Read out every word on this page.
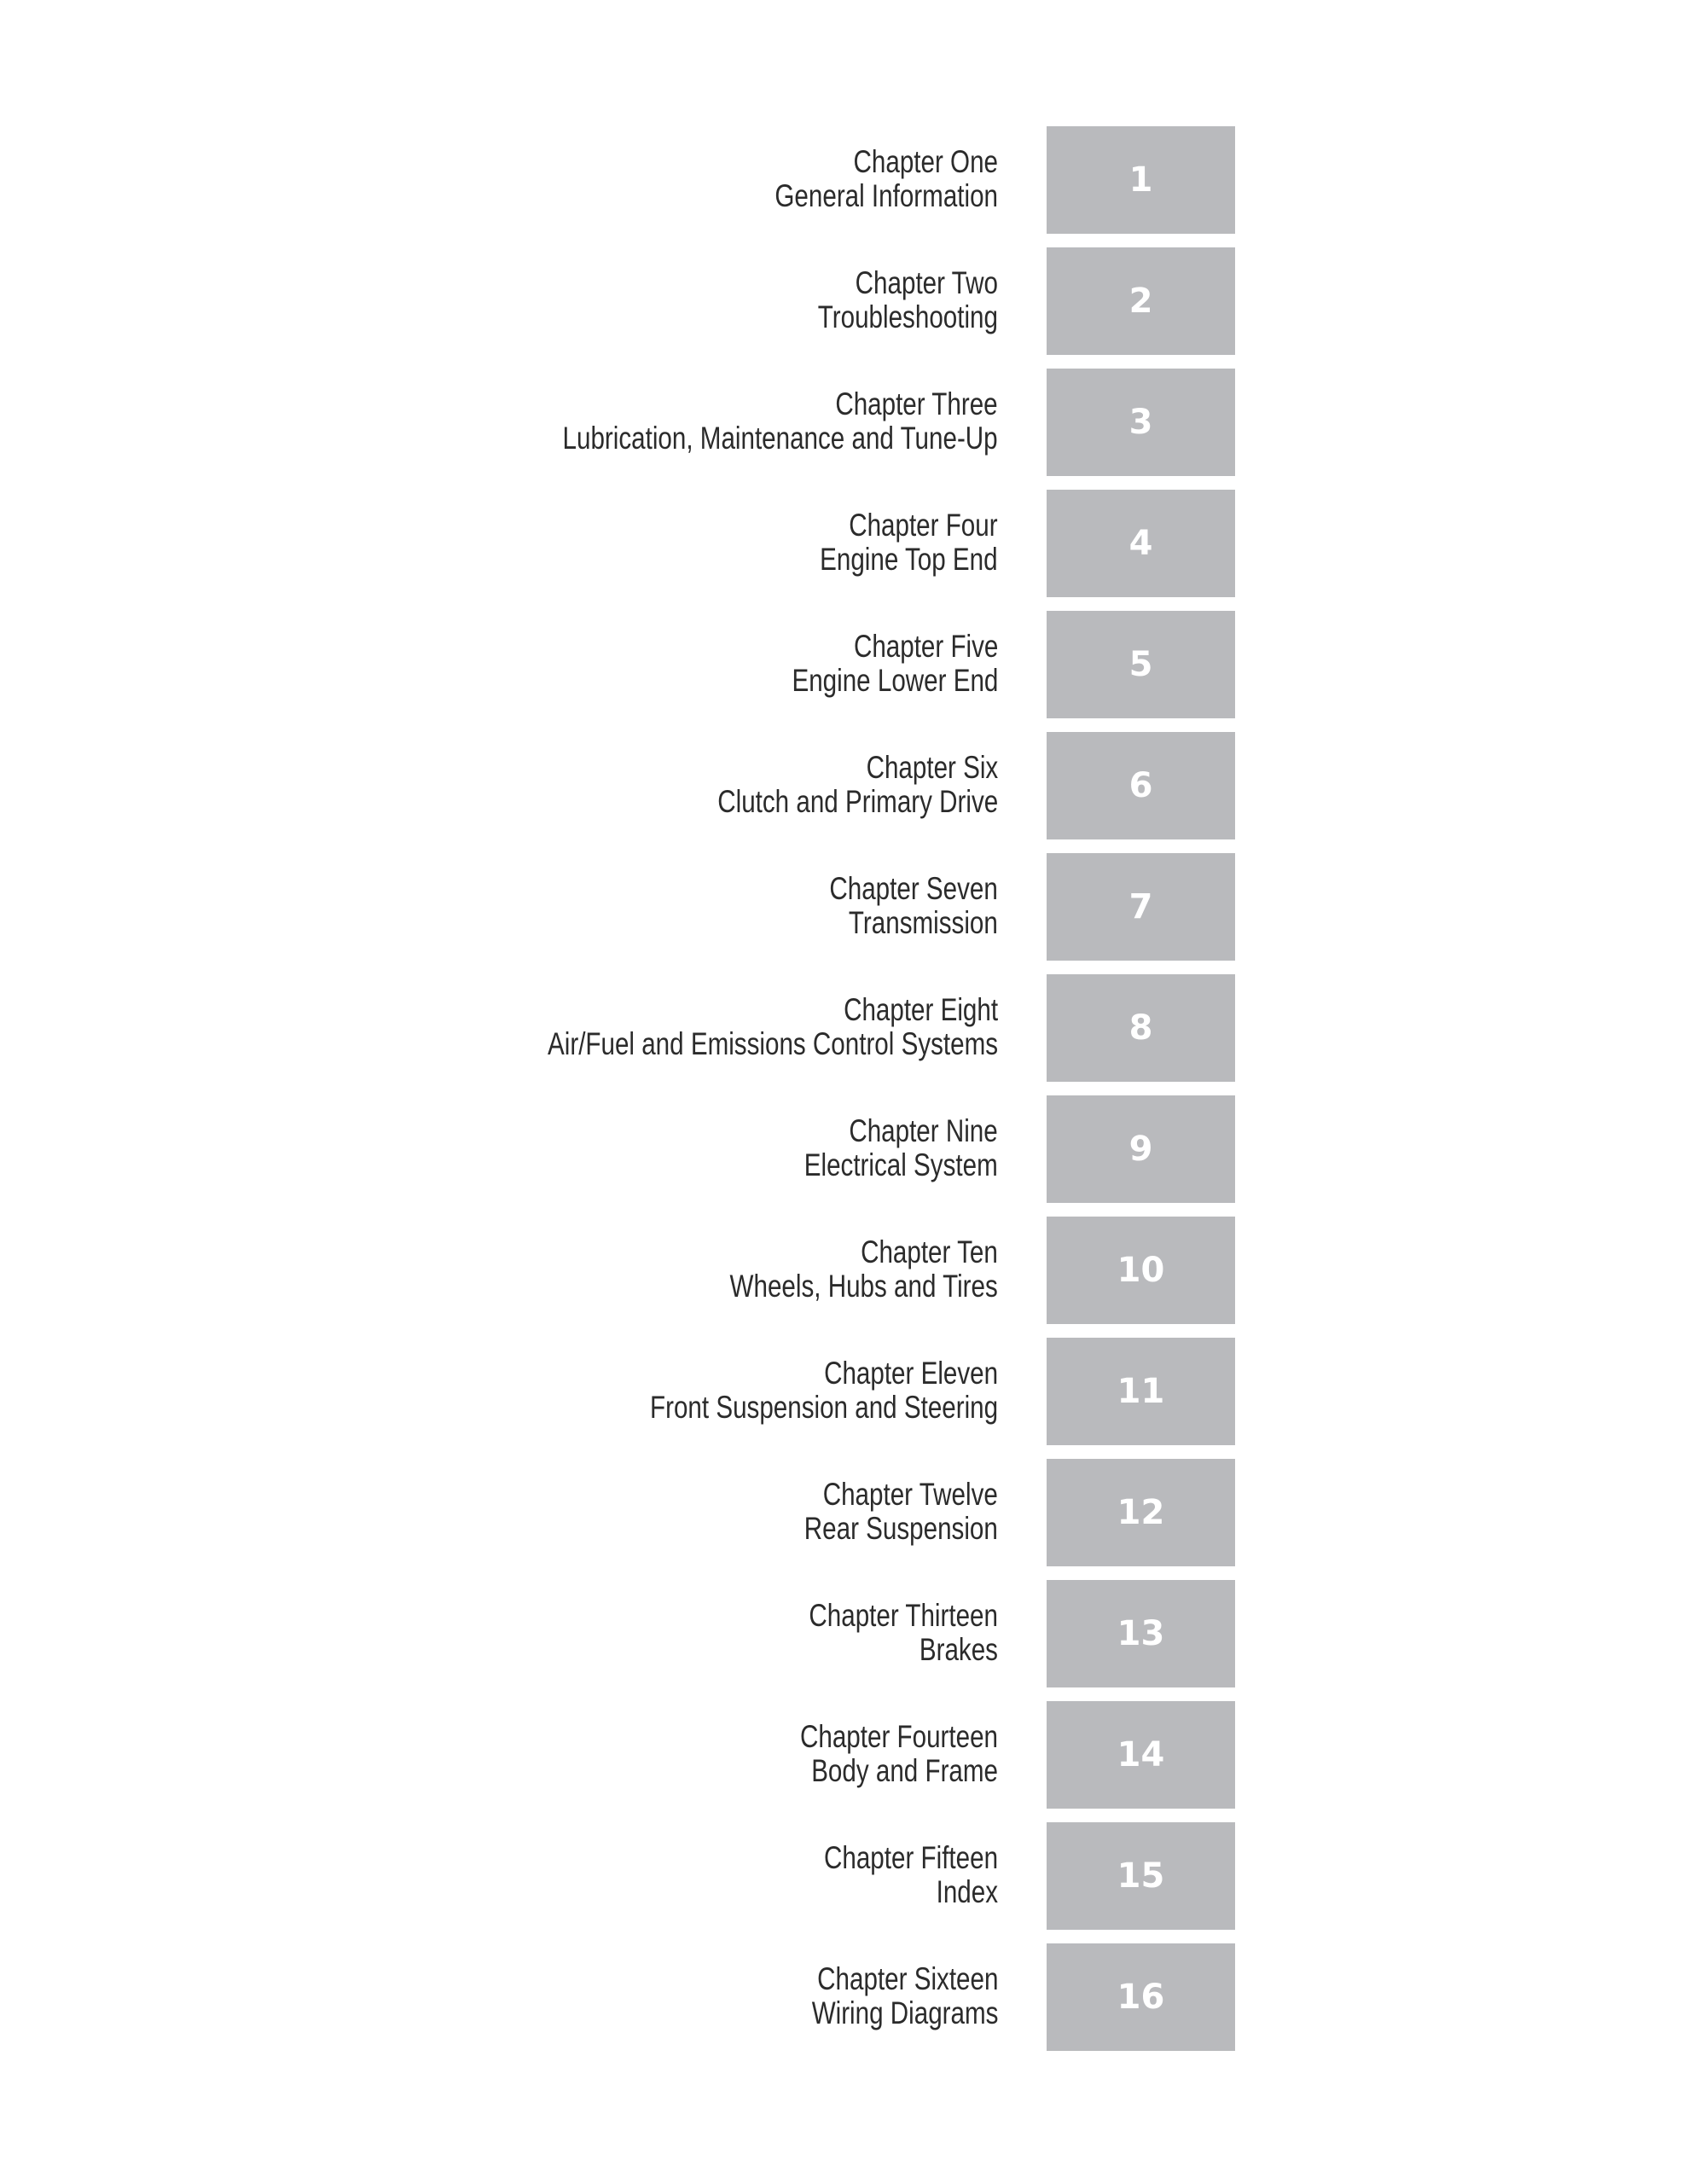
Chapter One
General Information	1
Chapter Two
Troubleshooting	2
Chapter Three
Lubrication, Maintenance and Tune-Up	3
Chapter Four
Engine Top End	4
Chapter Five
Engine Lower End	5
Chapter Six
Clutch and Primary Drive	6
Chapter Seven
Transmission	7
Chapter Eight
Air/Fuel and Emissions Control Systems	8
Chapter Nine
Electrical System	9
Chapter Ten
Wheels, Hubs and Tires	10
Chapter Eleven
Front Suspension and Steering	11
Chapter Twelve
Rear Suspension	12
Chapter Thirteen
Brakes	13
Chapter Fourteen
Body and Frame	14
Chapter Fifteen
Index	15
Chapter Sixteen
Wiring Diagrams	16
